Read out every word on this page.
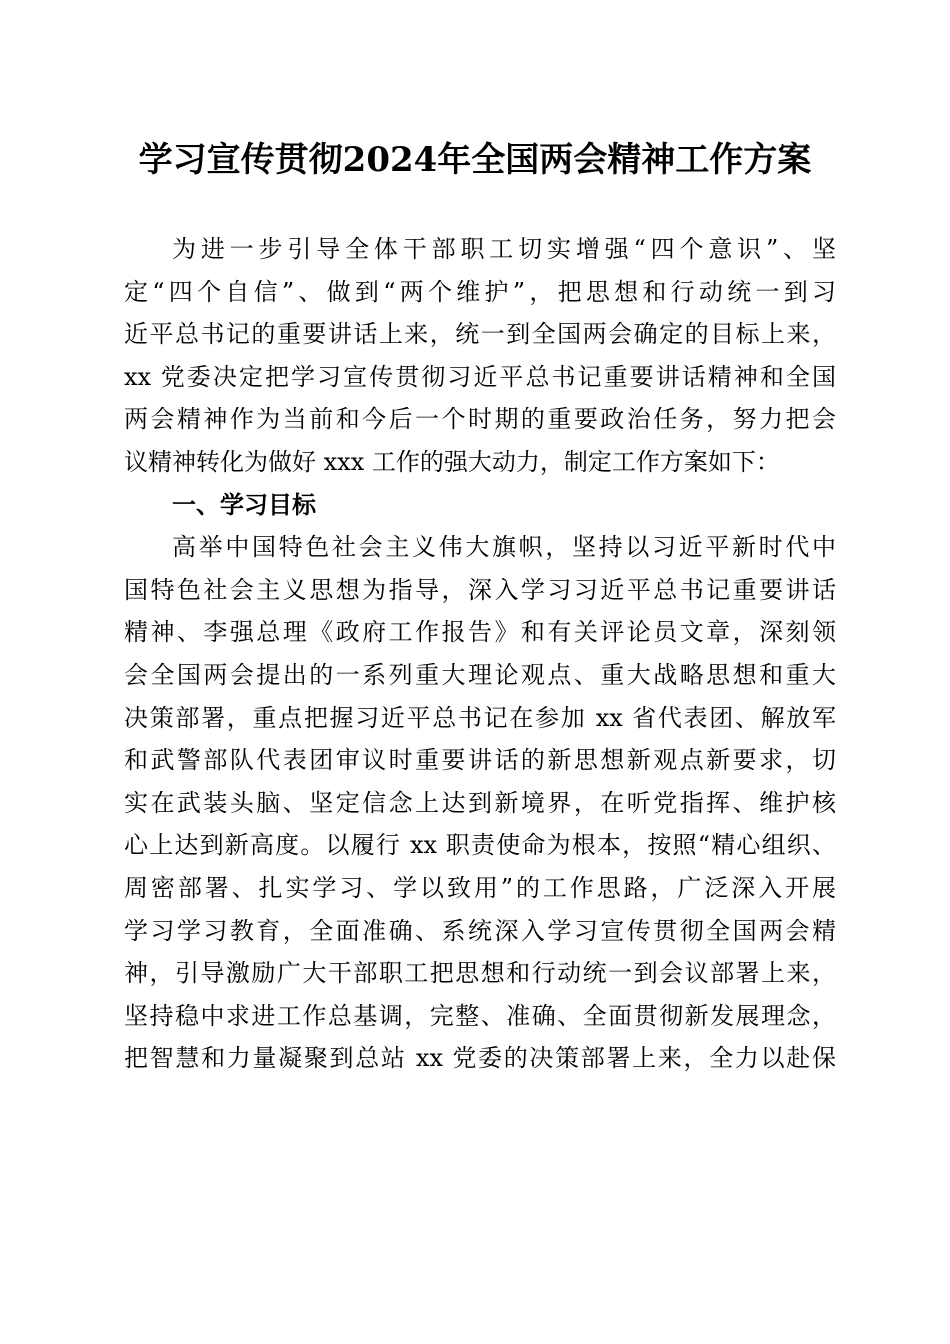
学习宣传贯彻2024年全国两会精神工作方案
为进一步引导全体干部职工切实增强“四个意识”、坚
定“四个自信”、做到“两个维护”，把思想和行动统一到习
近平总书记的重要讲话上来，统一到全国两会确定的目标上来，
xx 党委决定把学习宣传贯彻习近平总书记重要讲话精神和全国
两会精神作为当前和今后一个时期的重要政治任务，努力把会
议精神转化为做好 xxx 工作的强大动力，制定工作方案如下：
一、学习目标
高举中国特色社会主义伟大旗帜，坚持以习近平新时代中
国特色社会主义思想为指导，深入学习习近平总书记重要讲话
精神、李强总理《政府工作报告》和有关评论员文章，深刻领
会全国两会提出的一系列重大理论观点、重大战略思想和重大
决策部署，重点把握习近平总书记在参加 xx 省代表团、解放军
和武警部队代表团审议时重要讲话的新思想新观点新要求，切
实在武装头脑、坚定信念上达到新境界，在听党指挥、维护核
心上达到新高度。以履行 xx 职责使命为根本，按照“精心组织、
周密部署、扎实学习、学以致用”的工作思路，广泛深入开展
学习学习教育，全面准确、系统深入学习宣传贯彻全国两会精
神，引导激励广大干部职工把思想和行动统一到会议部署上来，
坚持稳中求进工作总基调，完整、准确、全面贯彻新发展理念，
把智慧和力量凝聚到总站 xx 党委的决策部署上来，全力以赴保
